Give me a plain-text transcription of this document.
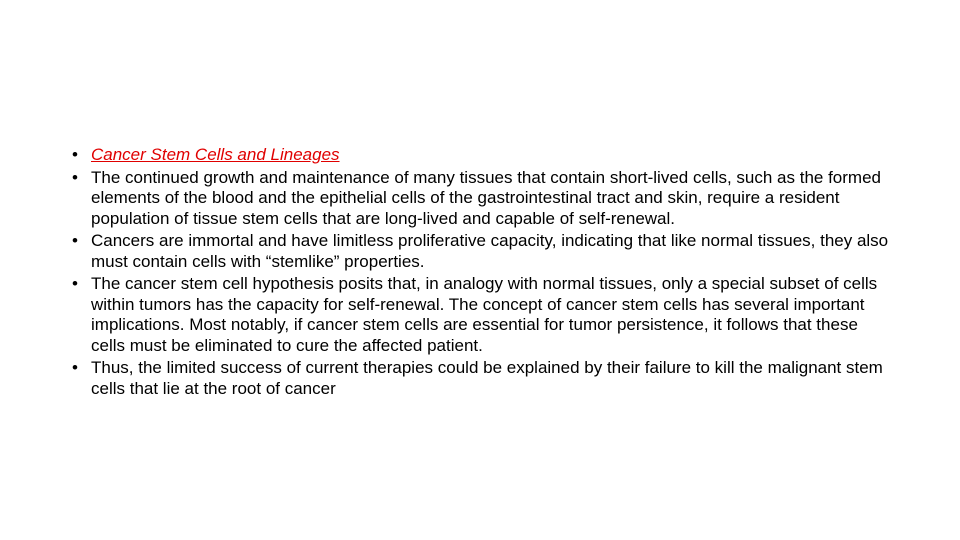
• Cancer Stem Cells and Lineages
• The continued growth and maintenance of many tissues that contain short-lived cells, such as the formed elements of the blood and the epithelial cells of the gastrointestinal tract and skin, require a resident population of tissue stem cells that are long-lived and capable of self-renewal.
• Cancers are immortal and have limitless proliferative capacity, indicating that like normal tissues, they also must contain cells with “stemlike” properties.
• The cancer stem cell hypothesis posits that, in analogy with normal tissues, only a special subset of cells within tumors has the capacity for self-renewal. The concept of cancer stem cells has several important implications. Most notably, if cancer stem cells are essential for tumor persistence, it follows that these cells must be eliminated to cure the affected patient.
• Thus, the limited success of current therapies could be explained by their failure to kill the malignant stem cells that lie at the root of cancer
